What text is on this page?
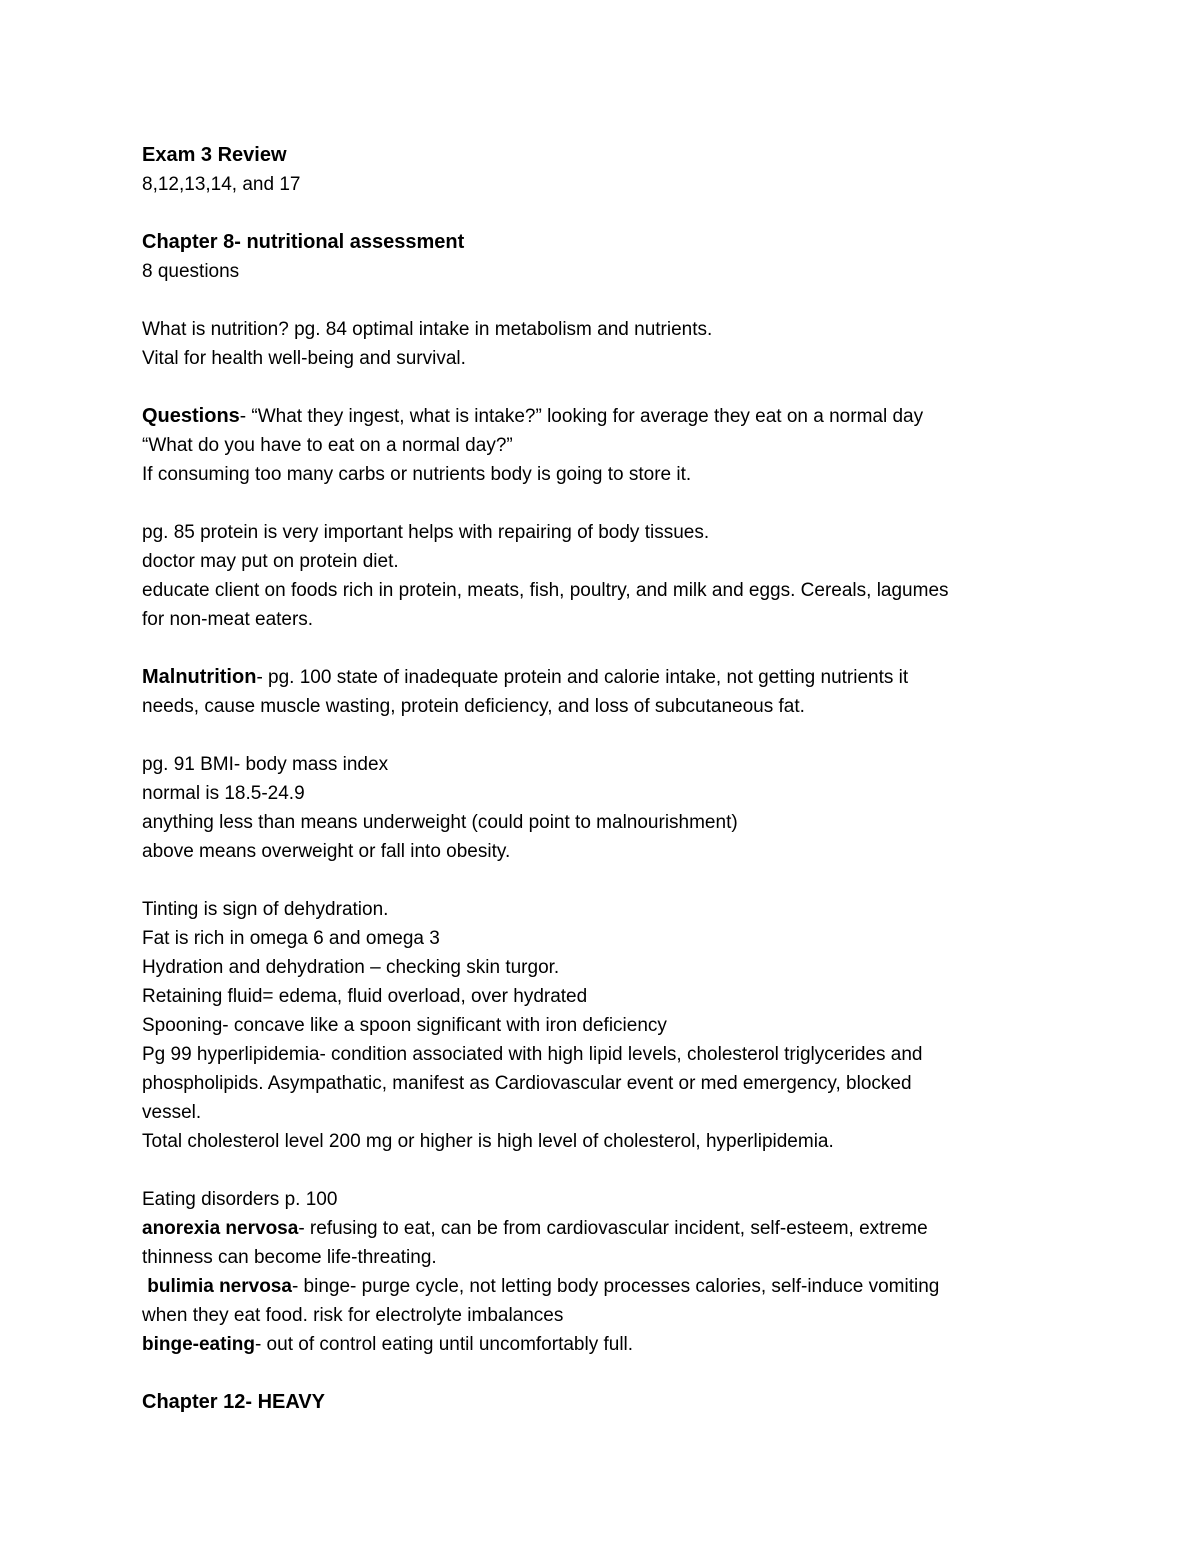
Exam 3 Review

8,12,13,14, and 17

Chapter 8- nutritional assessment

8 questions

What is nutrition? pg. 84 optimal intake in metabolism and nutrients.

Vital for health well-being and survival.

Questions- “What they ingest, what is intake?” looking for average they eat on a normal day

“What do you have to eat on a normal day?”

If consuming too many carbs or nutrients body is going to store it.

pg. 85 protein is very important helps with repairing of body tissues.

doctor may put on protein diet.

educate client on foods rich in protein, meats, fish, poultry, and milk and eggs. Cereals, lagumes

for non-meat eaters.

Malnutrition- pg. 100 state of inadequate protein and calorie intake, not getting nutrients it

needs, cause muscle wasting, protein deficiency, and loss of subcutaneous fat.

pg. 91 BMI- body mass index

normal is 18.5-24.9

anything less than means underweight (could point to malnourishment)

above means overweight or fall into obesity.

Tinting is sign of dehydration.

Fat is rich in omega 6 and omega 3

Hydration and dehydration – checking skin turgor.

Retaining fluid= edema, fluid overload, over hydrated

Spooning- concave like a spoon significant with iron deficiency

Pg 99 hyperlipidemia- condition associated with high lipid levels, cholesterol triglycerides and

phospholipids. Asympathatic, manifest as Cardiovascular event or med emergency, blocked

vessel.

Total cholesterol level 200 mg or higher is high level of cholesterol, hyperlipidemia.

Eating disorders p. 100

anorexia nervosa- refusing to eat, can be from cardiovascular incident, self-esteem, extreme

thinness can become life-threating.

bulimia nervosa- binge- purge cycle, not letting body processes calories, self-induce vomiting

when they eat food. risk for electrolyte imbalances

binge-eating- out of control eating until uncomfortably full.

Chapter 12- HEAVY
